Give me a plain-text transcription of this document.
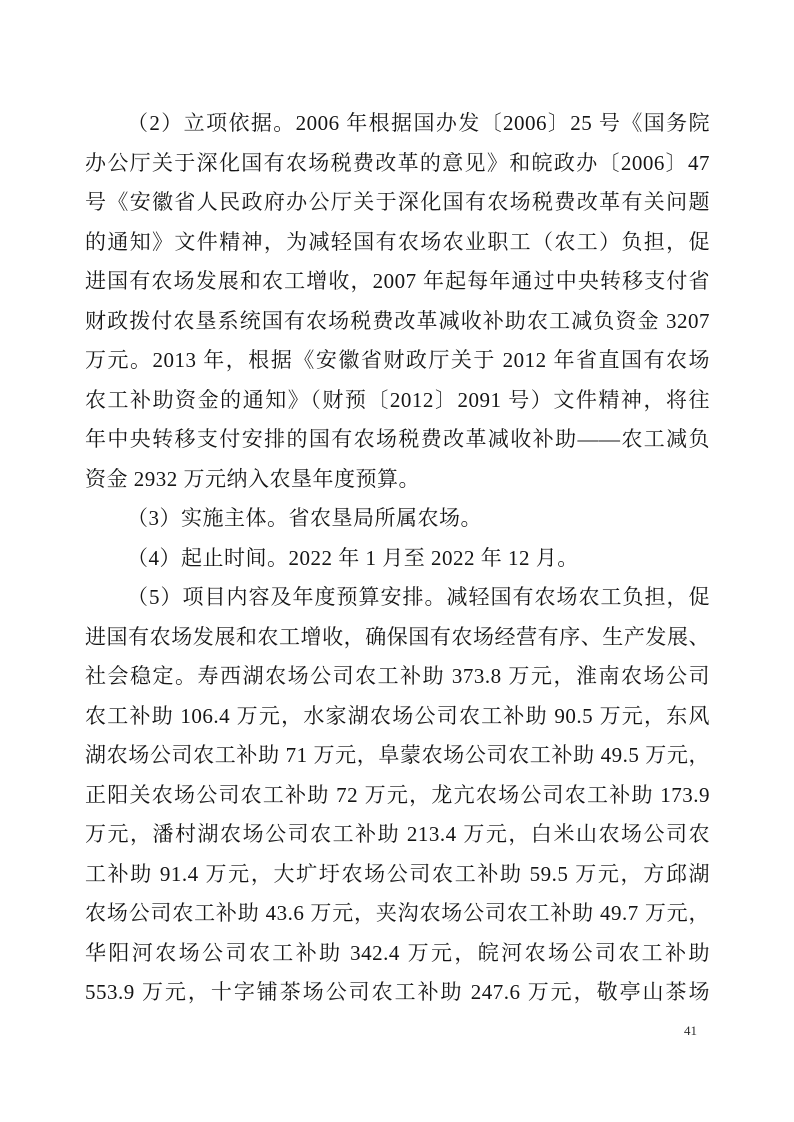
（2）立项依据。2006 年根据国办发〔2006〕25 号《国务院
办公厅关于深化国有农场税费改革的意见》和皖政办〔2006〕47
号《安徽省人民政府办公厅关于深化国有农场税费改革有关问题
的通知》文件精神，为减轻国有农场农业职工（农工）负担，促
进国有农场发展和农工增收，2007 年起每年通过中央转移支付省
财政拨付农垦系统国有农场税费改革减收补助农工减负资金 3207
万元。2013 年，根据《安徽省财政厅关于 2012 年省直国有农场
农工补助资金的通知》（财预〔2012〕2091 号）文件精神，将往
年中央转移支付安排的国有农场税费改革减收补助——农工减负
资金 2932 万元纳入农垦年度预算。
（3）实施主体。省农垦局所属农场。
（4）起止时间。2022 年 1 月至 2022 年 12 月。
（5）项目内容及年度预算安排。减轻国有农场农工负担，促
进国有农场发展和农工增收，确保国有农场经营有序、生产发展、
社会稳定。寿西湖农场公司农工补助 373.8 万元，淮南农场公司
农工补助 106.4 万元，水家湖农场公司农工补助 90.5 万元，东风
湖农场公司农工补助 71 万元，阜蒙农场公司农工补助 49.5 万元，
正阳关农场公司农工补助 72 万元，龙亢农场公司农工补助 173.9
万元，潘村湖农场公司农工补助 213.4 万元，白米山农场公司农
工补助 91.4 万元，大圹圩农场公司农工补助 59.5 万元，方邱湖
农场公司农工补助 43.6 万元，夹沟农场公司农工补助 49.7 万元，
华阳河农场公司农工补助 342.4 万元，皖河农场公司农工补助
553.9 万元，十字铺茶场公司农工补助 247.6 万元，敬亭山茶场
41
